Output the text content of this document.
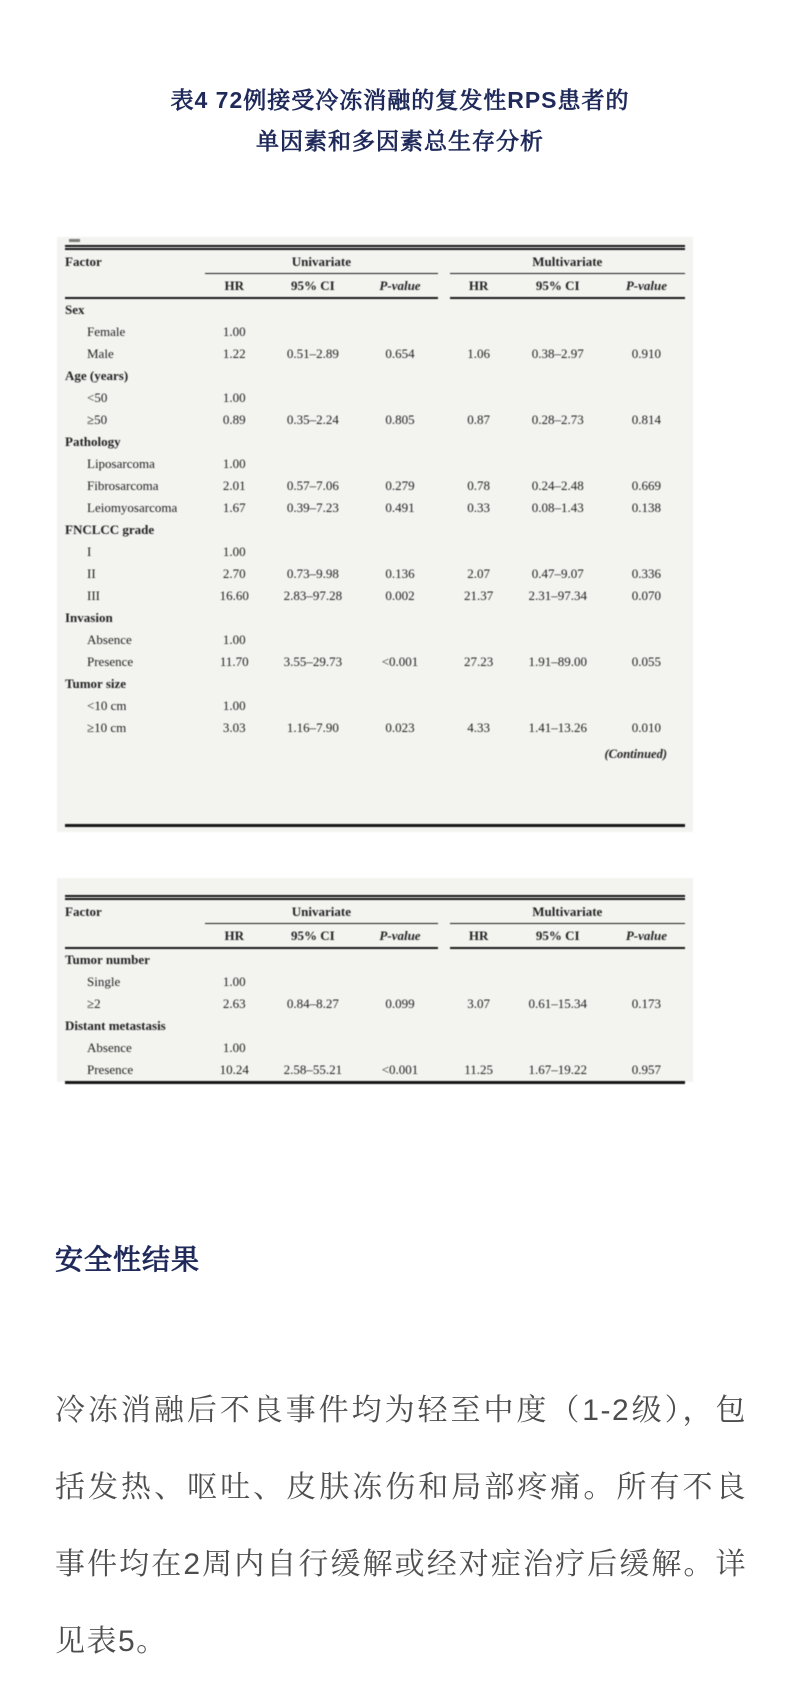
表4 72例接受冷冻消融的复发性RPS患者的
单因素和多因素总生存分析
Factor	Univariate				Multivariate		
	HR	95% CI	P-value		HR	95% CI	P-value
Sex							
Female	1.00						
Male	1.22	0.51–2.89	0.654		1.06	0.38–2.97	0.910
Age (years)							
<50	1.00						
≥50	0.89	0.35–2.24	0.805		0.87	0.28–2.73	0.814
Pathology							
Liposarcoma	1.00						
Fibrosarcoma	2.01	0.57–7.06	0.279		0.78	0.24–2.48	0.669
Leiomyosarcoma	1.67	0.39–7.23	0.491		0.33	0.08–1.43	0.138
FNCLCC grade							
I	1.00						
II	2.70	0.73–9.98	0.136		2.07	0.47–9.07	0.336
III	16.60	2.83–97.28	0.002		21.37	2.31–97.34	0.070
Invasion							
Absence	1.00						
Presence	11.70	3.55–29.73	<0.001		27.23	1.91–89.00	0.055
Tumor size							
<10 cm	1.00						
≥10 cm	3.03	1.16–7.90	0.023		4.33	1.41–13.26	0.010
(Continued)
Factor	Univariate				Multivariate		
	HR	95% CI	P-value		HR	95% CI	P-value
Tumor number							
Single	1.00						
≥2	2.63	0.84–8.27	0.099		3.07	0.61–15.34	0.173
Distant metastasis							
Absence	1.00						
Presence	10.24	2.58–55.21	<0.001		11.25	1.67–19.22	0.957
安全性结果
冷冻消融后不良事件均为轻至中度（1-2级），包括发热、呕吐、皮肤冻伤和局部疼痛。所有不良事件均在2周内自行缓解或经对症治疗后缓解。详见表5。
